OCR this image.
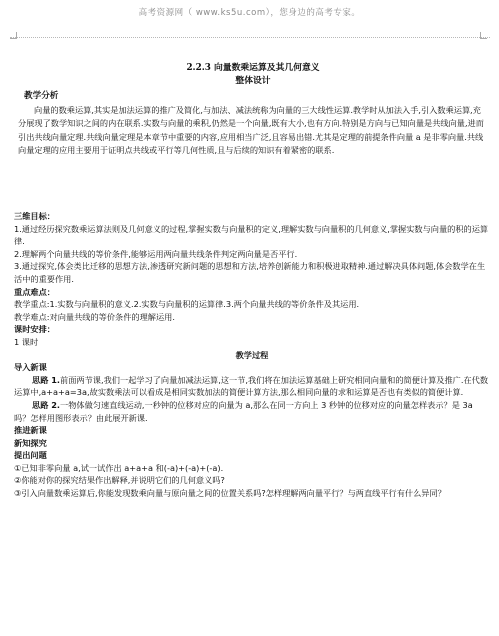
高考资源网（ www.ks5u.com），您身边的高考专家。
2.2.3 向量数乘运算及其几何意义
整体设计
教学分析

向量的数乘运算,其实是加法运算的推广及简化,与加法、减法统称为向量的三大线性运算.教学时从加法入手,引入数乘运算,充分展现了数学知识之间的内在联系.实数与向量的乘积,仍然是一个向量,既有大小,也有方向.特别是方向与已知向量是共线向量,进而引出共线向量定理.共线向量定理是本章节中重要的内容,应用相当广泛,且容易出错.尤其是定理的前提条件向量 a 是非零向量.共线向量定理的应用主要用于证明点共线或平行等几何性质,且与后续的知识有着紧密的联系.

三维目标：

1.通过经历探究数乘运算法则及几何意义的过程,掌握实数与向量积的定义,理解实数与向量积的几何意义,掌握实数与向量的积的运算律.

2.理解两个向量共线的等价条件,能够运用两向量共线条件判定两向量是否平行.

3.通过探究,体会类比迁移的思想方法,渗透研究新问题的思想和方法,培养创新能力和积极进取精神.通过解决具体问题,体会数学在生活中的重要作用.

重点难点：

教学重点:1.实数与向量积的意义.2.实数与向量积的运算律.3.两个向量共线的等价条件及其运用.

教学难点:对向量共线的等价条件的理解运用.

课时安排：

1 课时

教学过程

导入新课

思路 1.前面两节课,我们一起学习了向量加减法运算,这一节,我们将在加法运算基础上研究相同向量和的简便计算及推广.在代数运算中,a+a+a=3a,故实数乘法可以看成是相同实数加法的简便计算方法,那么相同向量的求和运算是否也有类似的简便计算.

思路 2.一物体做匀速直线运动,一秒钟的位移对应的向量为 a,那么在同一方向上 3 秒钟的位移对应的向量怎样表示？是 3a 吗？怎样用图形表示？由此展开新课.

推进新课

新知探究

提出问题

①已知非零向量 a,试一试作出 a+a+a 和(-a)+(-a)+(-a).

②你能对你的探究结果作出解释,并说明它们的几何意义吗?

③引入向量数乘运算后,你能发现数乘向量与原向量之间的位置关系吗?怎样理解两向量平行？与两直线平行有什么异同？
